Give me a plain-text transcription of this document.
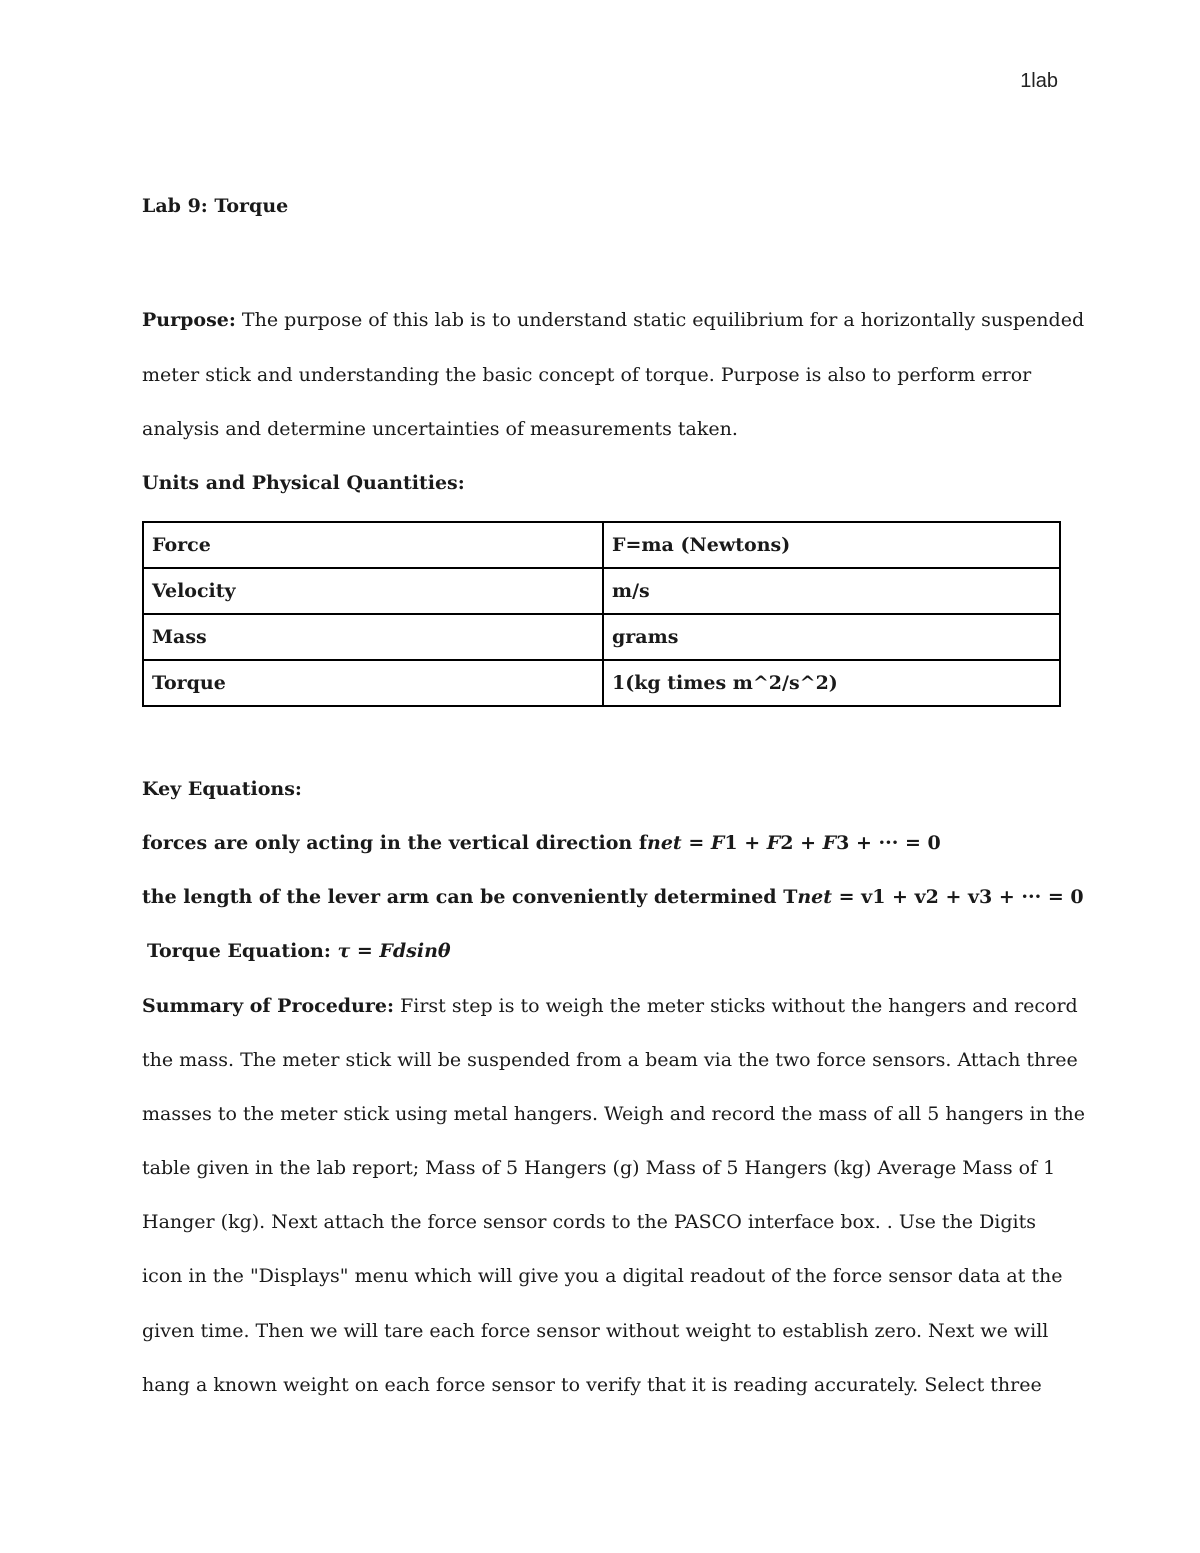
1lab
Lab 9: Torque
Purpose: The purpose of this lab is to understand static equilibrium for a horizontally suspended
meter stick and understanding the basic concept of torque. Purpose is also to perform error
analysis and determine uncertainties of measurements taken.
Units and Physical Quantities:
Key Equations:
forces are only acting in the vertical direction fnet = F1 + F2 + F3 + ··· = 0
the length of the lever arm can be conveniently determined Tnet = v1 + v2 + v3 + ··· = 0
Torque Equation: τ = Fdsinθ
Summary of Procedure: First step is to weigh the meter sticks without the hangers and record
the mass. The meter stick will be suspended from a beam via the two force sensors. Attach three
masses to the meter stick using metal hangers. Weigh and record the mass of all 5 hangers in the
table given in the lab report; Mass of 5 Hangers (g) Mass of 5 Hangers (kg) Average Mass of 1
Hanger (kg). Next attach the force sensor cords to the PASCO interface box. . Use the Digits
icon in the "Displays" menu which will give you a digital readout of the force sensor data at the
given time. Then we will tare each force sensor without weight to establish zero. Next we will
hang a known weight on each force sensor to verify that it is reading accurately. Select three
Force	F=ma (Newtons)
Velocity	m/s
Mass	grams
Torque	1(kg times m^2/s^2)
